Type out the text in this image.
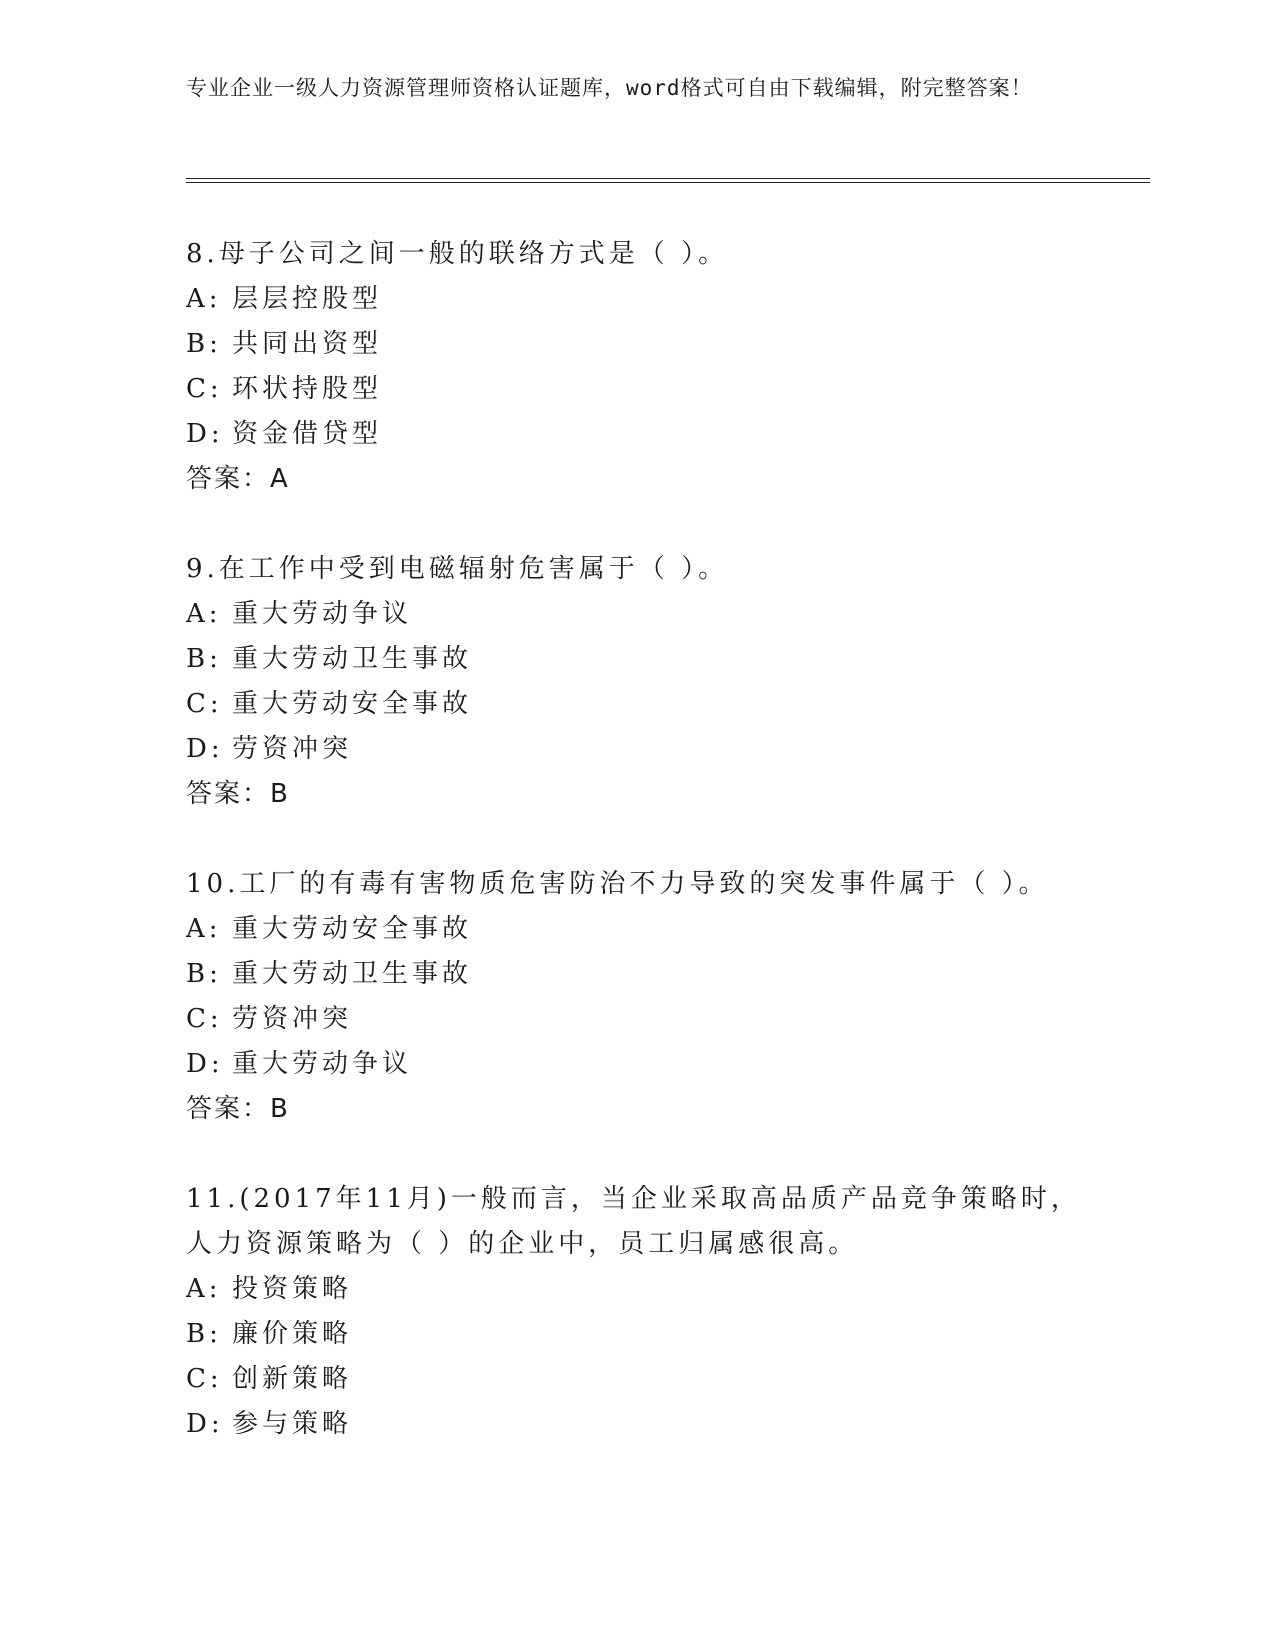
专业企业一级人力资源管理师资格认证题库，word格式可自由下载编辑，附完整答案！

8.母子公司之间一般的联络方式是（ ）。

A: 层层控股型
B: 共同出资型
C: 环状持股型
D: 资金借贷型

答案：A

9.在工作中受到电磁辐射危害属于（ ）。

A: 重大劳动争议
B: 重大劳动卫生事故
C: 重大劳动安全事故
D: 劳资冲突

答案：B

10.工厂的有毒有害物质危害防治不力导致的突发事件属于（ ）。

A: 重大劳动安全事故
B: 重大劳动卫生事故
C: 劳资冲突
D: 重大劳动争议

答案：B

11.(2017年11月)一般而言，当企业采取高品质产品竞争策略时，人力资源策略为（ ）的企业中，员工归属感很高。

A: 投资策略
B: 廉价策略
C: 创新策略
D: 参与策略
